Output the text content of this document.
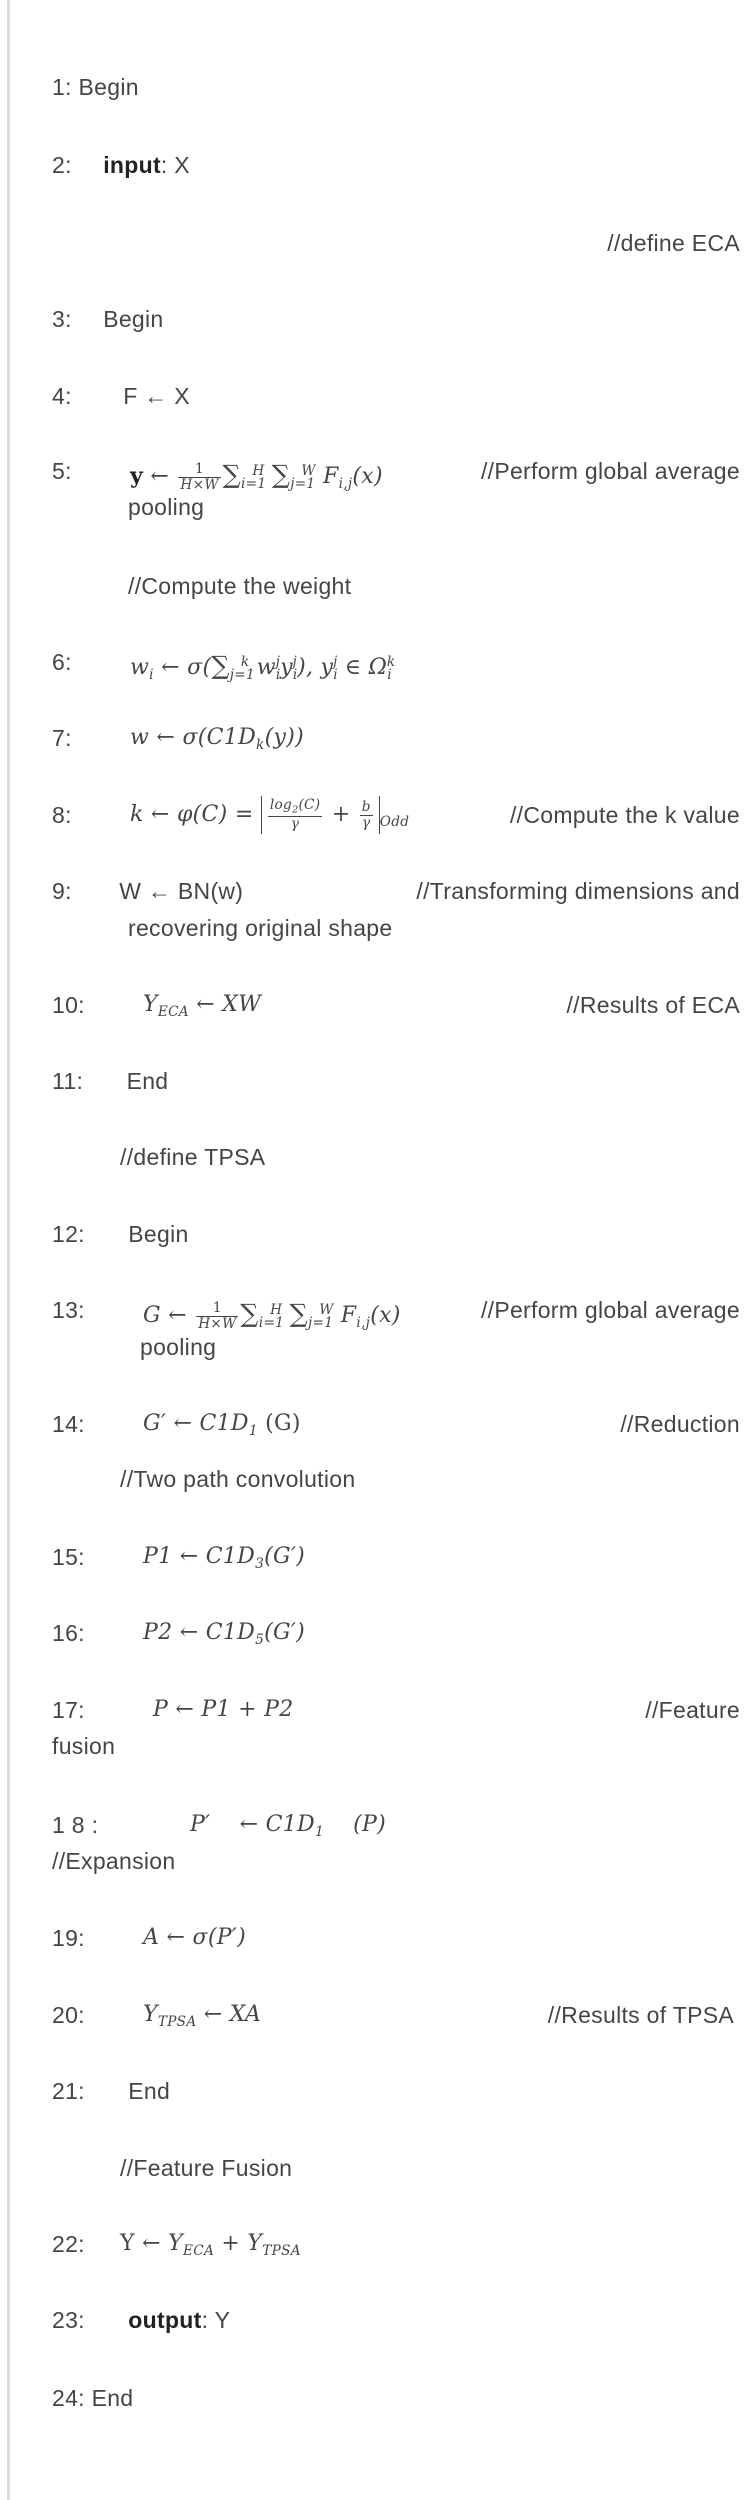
1: Begin
2: input: X
//define ECA
3: Begin
4: F ← X
5:	y ← $\frac{1}{H\times W} \sum_{i=1}^H$ $\sum_{j=1}^W$ $F_{i,j}(x)$	//Perform global average
pooling
//Compute the weight
6:	$w_i$ ← $\sigma(\sum_{j=1}^k$ $w_i^jy_i^j$), $y_i^j$ ∈ $\Omega_i^k$
7:	w ← $\sigma(C1D_k(y))$
8:	k ← $\varphi(C) = \frac{\log_2(C)}{\gamma} + \frac{b}{\gamma} _{Odd}$	//Compute the k value
9: W ← BN(w)	//Transforming dimensions and
recovering original shape
10:	$Y_{ECA}$ ← XW	//Results of ECA
11: End
//define TPSA
12: Begin
13:	G ← $\frac{1}{H\times W} \sum_{i=1}^H$ $\sum_{j=1}^W$ $F_{i,j}(x)$	//Perform global average
pooling
14:	G′ ← $C1D_1$ (G)	//Reduction
//Two path convolution
15:	P1 ← $C1D_3(G')$
16:	P2 ← $C1D_5(G')$
17:	P ← P1 + P2	//Feature
fusion
1 8 :	P′    ← $C1D_1$    (P)
//Expansion
19:	A ← σ(P′)
20:	$Y_{TPSA}$ ← XA	//Results of TPSA
21: End
//Feature Fusion
22: Y ← $Y_{ECA} + Y_{TPSA}$
23: output: Y
24: End
